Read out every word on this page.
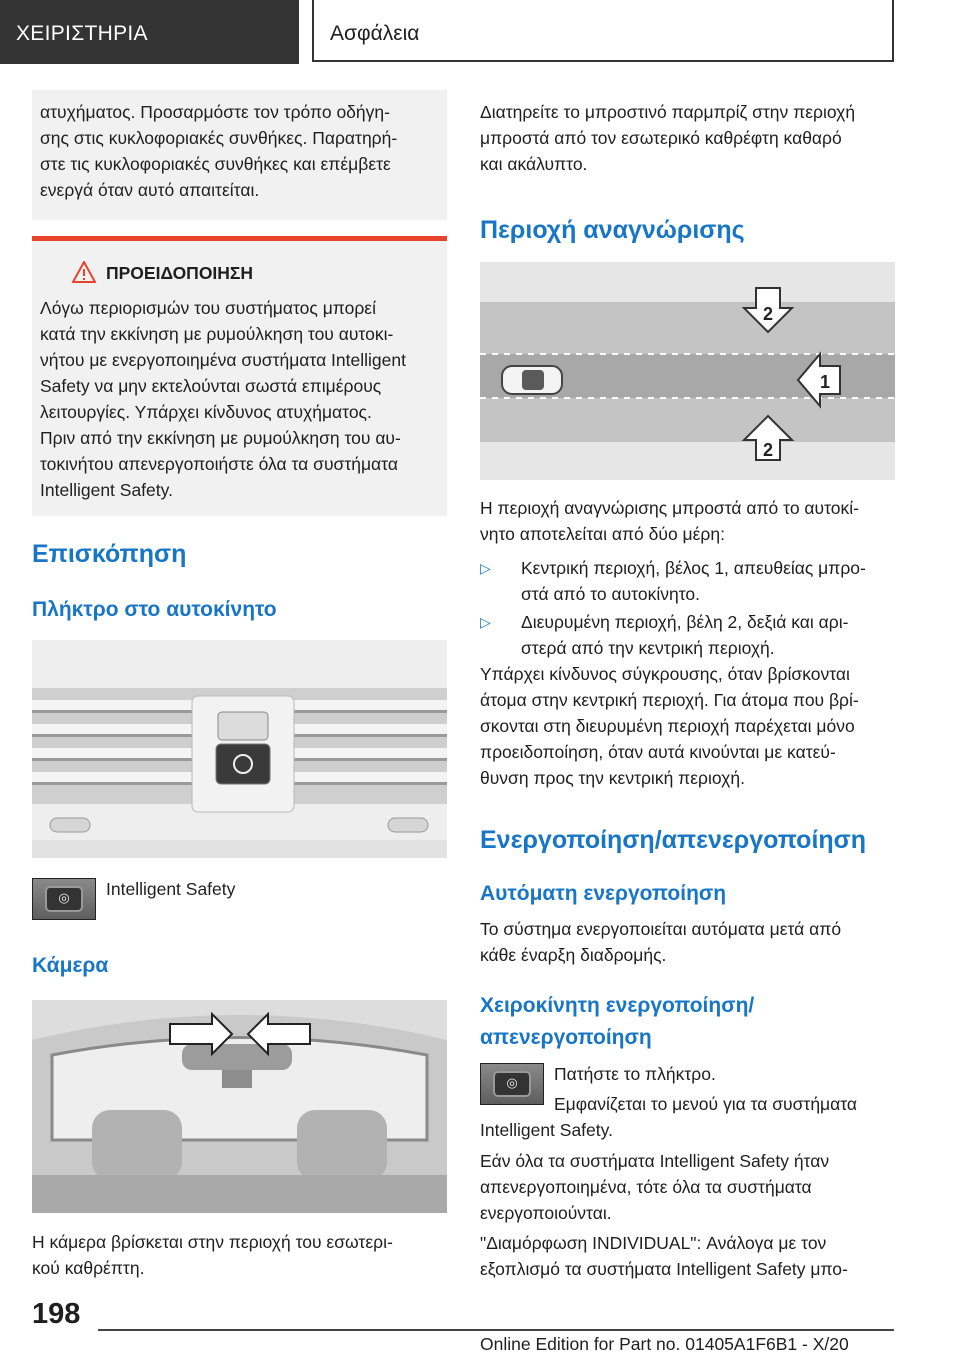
ΧΕΙΡΙΣΤΗΡΙΑ	Ασφάλεια

ατυχήματος. Προσαρμόστε τον τρόπο οδήγη‐

σης στις κυκλοφοριακές συνθήκες. Παρατηρή‐

στε τις κυκλοφοριακές συνθήκες και επέμβετε

ενεργά όταν αυτό απαιτείται.

ΠΡΟΕΙΔΟΠΟΙΗΣΗ

Λόγω περιορισμών του συστήματος μπορεί

κατά την εκκίνηση με ρυμούλκηση του αυτοκι‐

νήτου με ενεργοποιημένα συστήματα Intelligent

Safety να μην εκτελούνται σωστά επιμέρους

λειτουργίες. Υπάρχει κίνδυνος ατυχήματος.

Πριν από την εκκίνηση με ρυμούλκηση του αυ‐

τοκινήτου απενεργοποιήστε όλα τα συστήματα

Intelligent Safety.

Επισκόπηση
Πλήκτρο στο αυτοκίνητο
◎	Intelligent Safety
Κάμερα

Η κάμερα βρίσκεται στην περιοχή του εσωτερι‐

κού καθρέπτη.

Διατηρείτε το μπροστινό παρμπρίζ στην περιοχή

μπροστά από τον εσωτερικό καθρέφτη καθαρό

και ακάλυπτο.

Περιοχή αναγνώρισης
2
1
2

Η περιοχή αναγνώρισης μπροστά από το αυτοκί‐

νητο αποτελείται από δύο μέρη:

▷ Κεντρική περιοχή, βέλος 1, απευθείας μπρο‐
στά από το αυτοκίνητο.
▷ Διευρυμένη περιοχή, βέλη 2, δεξιά και αρι‐
στερά από την κεντρική περιοχή.

Υπάρχει κίνδυνος σύγκρουσης, όταν βρίσκονται

άτομα στην κεντρική περιοχή. Για άτομα που βρί‐

σκονται στη διευρυμένη περιοχή παρέχεται μόνο

προειδοποίηση, όταν αυτά κινούνται με κατεύ‐

θυνση προς την κεντρική περιοχή.

Ενεργοποίηση/απενεργοποίηση
Αυτόματη ενεργοποίηση

Το σύστημα ενεργοποιείται αυτόματα μετά από

κάθε έναρξη διαδρομής.

Χειροκίνητη ενεργοποίηση/
απενεργοποίηση
◎	Πατήστε το πλήκτρο.
Εμφανίζεται το μενού για τα συστήματα
Intelligent Safety.

Εάν όλα τα συστήματα Intelligent Safety ήταν

απενεργοποιημένα, τότε όλα τα συστήματα

ενεργοποιούνται.

"Διαμόρφωση INDIVIDUAL": Ανάλογα με τον

εξοπλισμό τα συστήματα Intelligent Safety μπο‐

198
Online Edition for Part no. 01405A1F6B1 - X/20
